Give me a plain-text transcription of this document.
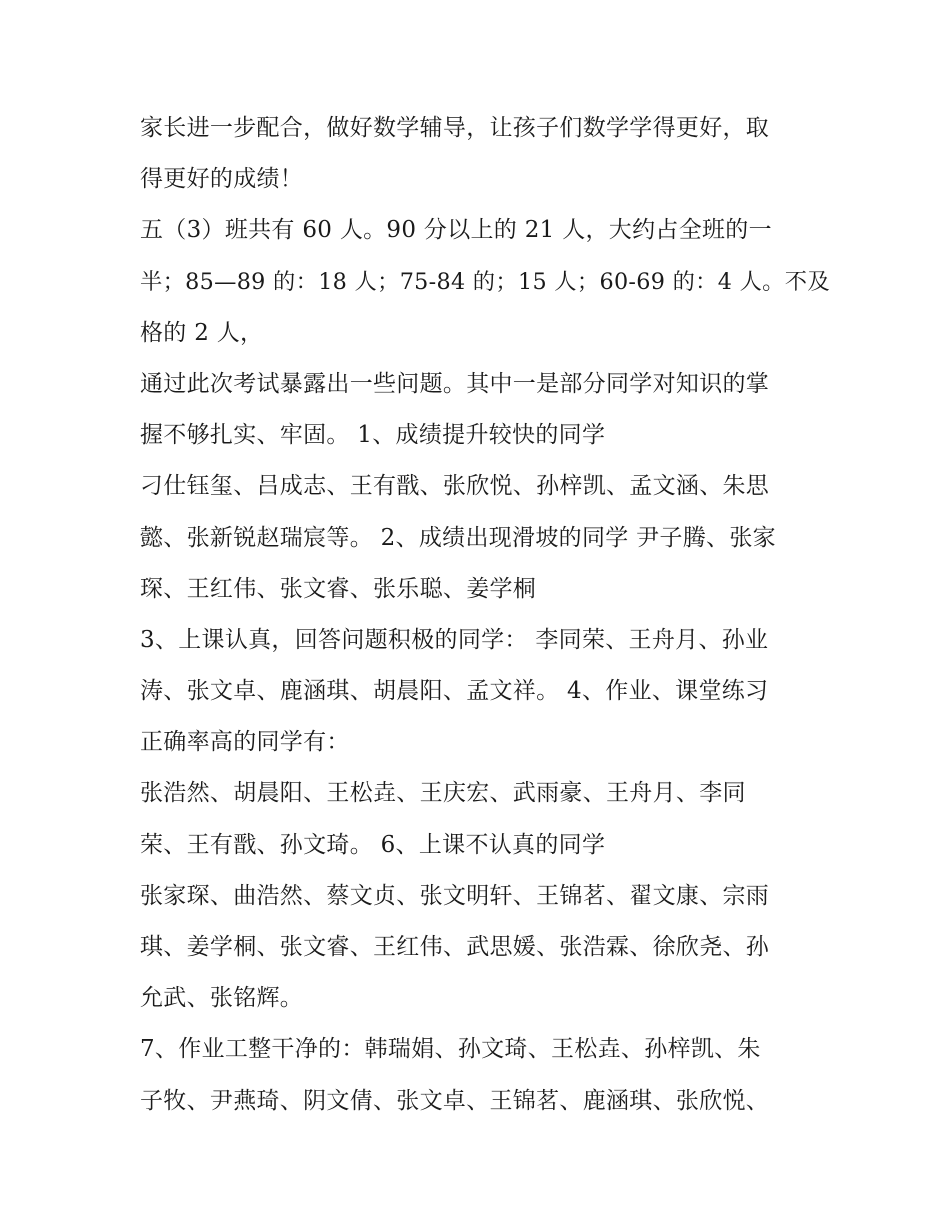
家长进一步配合，做好数学辅导，让孩子们数学学得更好，取
得更好的成绩！
五（3）班共有 60 人。90 分以上的 21 人，大约占全班的一
半；85—89 的：18 人；75-84 的；15 人；60-69 的：4 人。不及
格的 2 人，
通过此次考试暴露出一些问题。其中一是部分同学对知识的掌
握不够扎实、牢固。 1、成绩提升较快的同学
刁仕钰玺、吕成志、王有戬、张欣悦、孙梓凯、孟文涵、朱思
懿、张新锐赵瑞宸等。 2、成绩出现滑坡的同学 尹子腾、张家
琛、王红伟、张文睿、张乐聪、姜学桐
3、上课认真，回答问题积极的同学： 李同荣、王舟月、孙业
涛、张文卓、鹿涵琪、胡晨阳、孟文祥。 4、作业、课堂练习
正确率高的同学有：
张浩然、胡晨阳、王松垚、王庆宏、武雨豪、王舟月、李同
荣、王有戬、孙文琦。 6、上课不认真的同学
张家琛、曲浩然、蔡文贞、张文明轩、王锦茗、翟文康、宗雨
琪、姜学桐、张文睿、王红伟、武思媛、张浩霖、徐欣尧、孙
允武、张铭辉。
7、作业工整干净的：韩瑞娟、孙文琦、王松垚、孙梓凯、朱
子牧、尹燕琦、阴文倩、张文卓、王锦茗、鹿涵琪、张欣悦、
